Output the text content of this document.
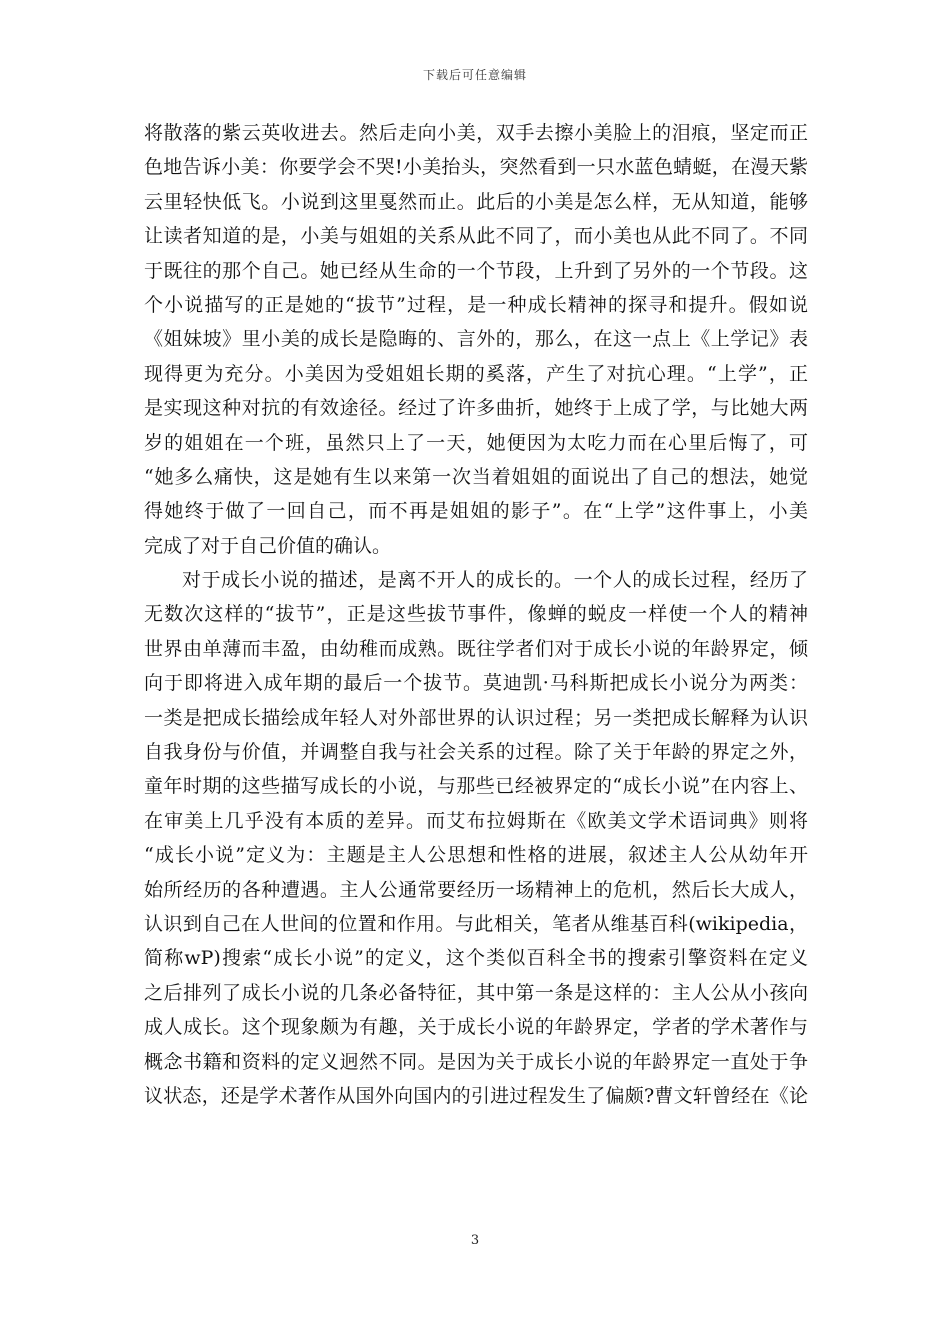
下载后可任意编辑
将散落的紫云英收进去。然后走向小美，双手去擦小美脸上的泪痕，坚定而正
色地告诉小美：你要学会不哭!小美抬头，突然看到一只水蓝色蜻蜓，在漫天紫
云里轻快低飞。小说到这里戛然而止。此后的小美是怎么样，无从知道，能够
让读者知道的是，小美与姐姐的关系从此不同了，而小美也从此不同了。不同
于既往的那个自己。她已经从生命的一个节段，上升到了另外的一个节段。这
个小说描写的正是她的“拔节”过程，是一种成长精神的探寻和提升。假如说
《姐妹坡》里小美的成长是隐晦的、言外的，那么，在这一点上《上学记》表
现得更为充分。小美因为受姐姐长期的奚落，产生了对抗心理。“上学”，正
是实现这种对抗的有效途径。经过了许多曲折，她终于上成了学，与比她大两
岁的姐姐在一个班，虽然只上了一天，她便因为太吃力而在心里后悔了，可
“她多么痛快，这是她有生以来第一次当着姐姐的面说出了自己的想法，她觉
得她终于做了一回自己，而不再是姐姐的影子”。在“上学”这件事上，小美
完成了对于自己价值的确认。
对于成长小说的描述，是离不开人的成长的。一个人的成长过程，经历了
无数次这样的“拔节”，正是这些拔节事件，像蝉的蜕皮一样使一个人的精神
世界由单薄而丰盈，由幼稚而成熟。既往学者们对于成长小说的年龄界定，倾
向于即将进入成年期的最后一个拔节。莫迪凯·马科斯把成长小说分为两类：
一类是把成长描绘成年轻人对外部世界的认识过程；另一类把成长解释为认识
自我身份与价值，并调整自我与社会关系的过程。除了关于年龄的界定之外，
童年时期的这些描写成长的小说，与那些已经被界定的“成长小说”在内容上、
在审美上几乎没有本质的差异。而艾布拉姆斯在《欧美文学术语词典》则将
“成长小说”定义为：主题是主人公思想和性格的进展，叙述主人公从幼年开
始所经历的各种遭遇。主人公通常要经历一场精神上的危机，然后长大成人，
认识到自己在人世间的位置和作用。与此相关，笔者从维基百科(wikipedia，
简称wP)搜索“成长小说”的定义，这个类似百科全书的搜索引擎资料在定义
之后排列了成长小说的几条必备特征，其中第一条是这样的：主人公从小孩向
成人成长。这个现象颇为有趣，关于成长小说的年龄界定，学者的学术著作与
概念书籍和资料的定义迥然不同。是因为关于成长小说的年龄界定一直处于争
议状态，还是学术著作从国外向国内的引进过程发生了偏颇?曹文轩曾经在《论
3
